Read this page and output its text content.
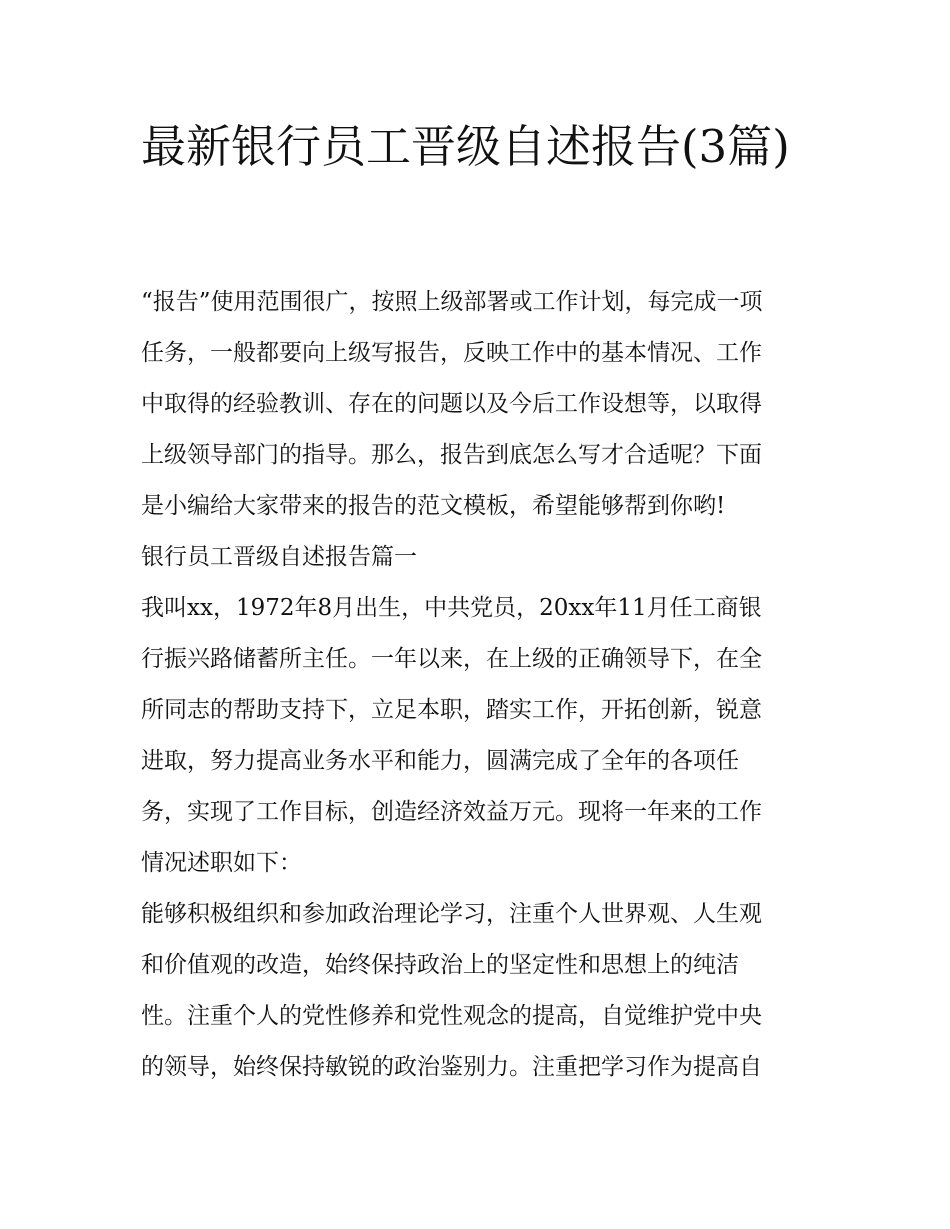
最新银行员工晋级自述报告(3篇)
“报告”使用范围很广，按照上级部署或工作计划，每完成一项
任务，一般都要向上级写报告，反映工作中的基本情况、工作
中取得的经验教训、存在的问题以及今后工作设想等，以取得
上级领导部门的指导。那么，报告到底怎么写才合适呢？下面
是小编给大家带来的报告的范文模板，希望能够帮到你哟!
银行员工晋级自述报告篇一
我叫xx，1972年8月出生，中共党员，20xx年11月任工商银
行振兴路储蓄所主任。一年以来，在上级的正确领导下，在全
所同志的帮助支持下，立足本职，踏实工作，开拓创新，锐意
进取，努力提高业务水平和能力，圆满完成了全年的各项任
务，实现了工作目标，创造经济效益万元。现将一年来的工作
情况述职如下：
能够积极组织和参加政治理论学习，注重个人世界观、人生观
和价值观的改造，始终保持政治上的坚定性和思想上的纯洁
性。注重个人的党性修养和党性观念的提高，自觉维护党中央
的领导，始终保持敏锐的政治鉴别力。注重把学习作为提高自
